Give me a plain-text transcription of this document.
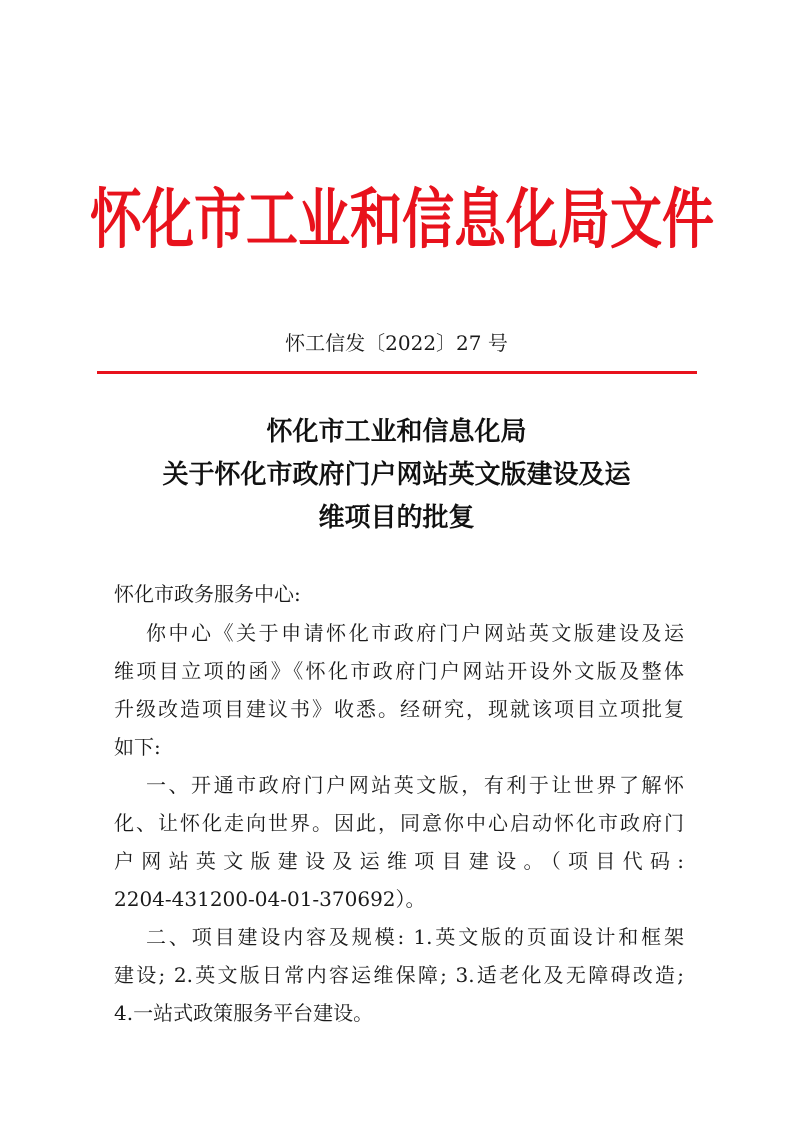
怀化市工业和信息化局文件
怀工信发〔2022〕27 号
怀化市工业和信息化局
关于怀化市政府门户网站英文版建设及运
维项目的批复
怀化市政务服务中心:
你中心《关于申请怀化市政府门户网站英文版建设及运
维项目立项的函》《怀化市政府门户网站开设外文版及整体
升级改造项目建议书》收悉。经研究，现就该项目立项批复
如下:
一、开通市政府门户网站英文版，有利于让世界了解怀
化、让怀化走向世界。因此，同意你中心启动怀化市政府门
户网站英文版建设及运维项目建设。（项目代码:
2204-431200-04-01-370692）。
二、项目建设内容及规模: 1.英文版的页面设计和框架
建设; 2.英文版日常内容运维保障; 3.适老化及无障碍改造;
4.一站式政策服务平台建设。
